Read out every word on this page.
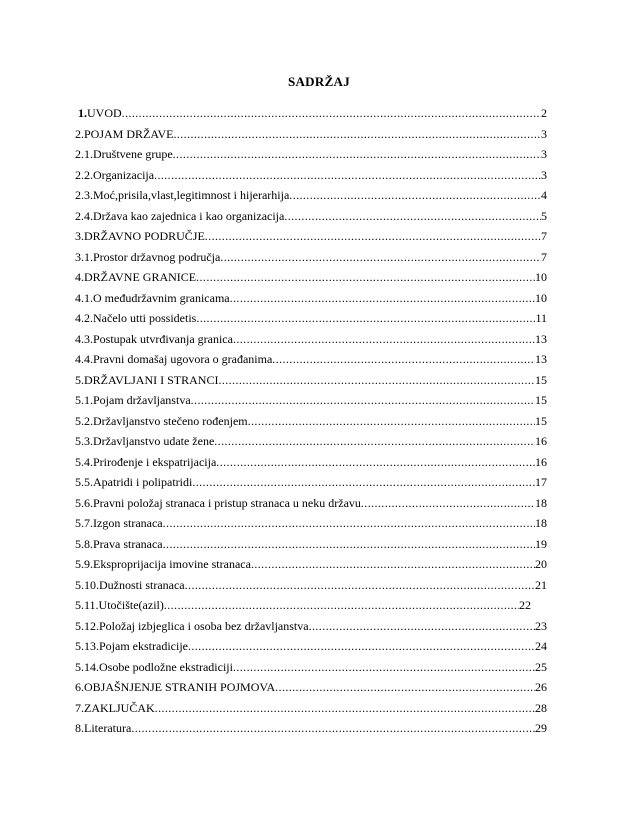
SADRŽAJ
1.UVOD .....	2
2.POJAM DRŽAVE .....	3
2.1.Društvene grupe .....	3
2.2.Organizacija .....	3
2.3.Moć,prisila,vlast,legitimnost i hijerarhija .....	4
2.4.Država kao zajednica i kao organizacija .....	5
3.DRŽAVNO PODRUČJE .....	7
3.1.Prostor državnog područja .....	7
4.DRŽAVNE GRANICE .....	10
4.1.O međudržavnim granicama .....	10
4.2.Načelo utti possidetis .....	11
4.3.Postupak utvrđivanja granica .....	13
4.4.Pravni domašaj ugovora o građanima .....	13
5.DRŽAVLJANI I STRANCI .....	15
5.1.Pojam državljanstva .....	15
5.2.Državljanstvo stečeno rođenjem .....	15
5.3.Državljanstvo udate žene .....	16
5.4.Prirođenje i ekspatrijacija .....	16
5.5.Apatridi i polipatridi .....	17
5.6.Pravni položaj stranaca i pristup stranaca u neku državu .....	18
5.7.Izgon stranaca .....	18
5.8.Prava stranaca .....	19
5.9.Eksproprijacija imovine stranaca .....	20
5.10.Dužnosti stranaca .....	21
5.11.Utočište(azil) .....	22
5.12.Položaj izbjeglica i osoba bez državljanstva .....	23
5.13.Pojam ekstradicije .....	24
5.14.Osobe podložne ekstradiciji .....	25
6.OBJAŠNJENJE STRANIH POJMOVA .....	26
7.ZAKLJUČAK .....	28
8.Literatura .....	29
